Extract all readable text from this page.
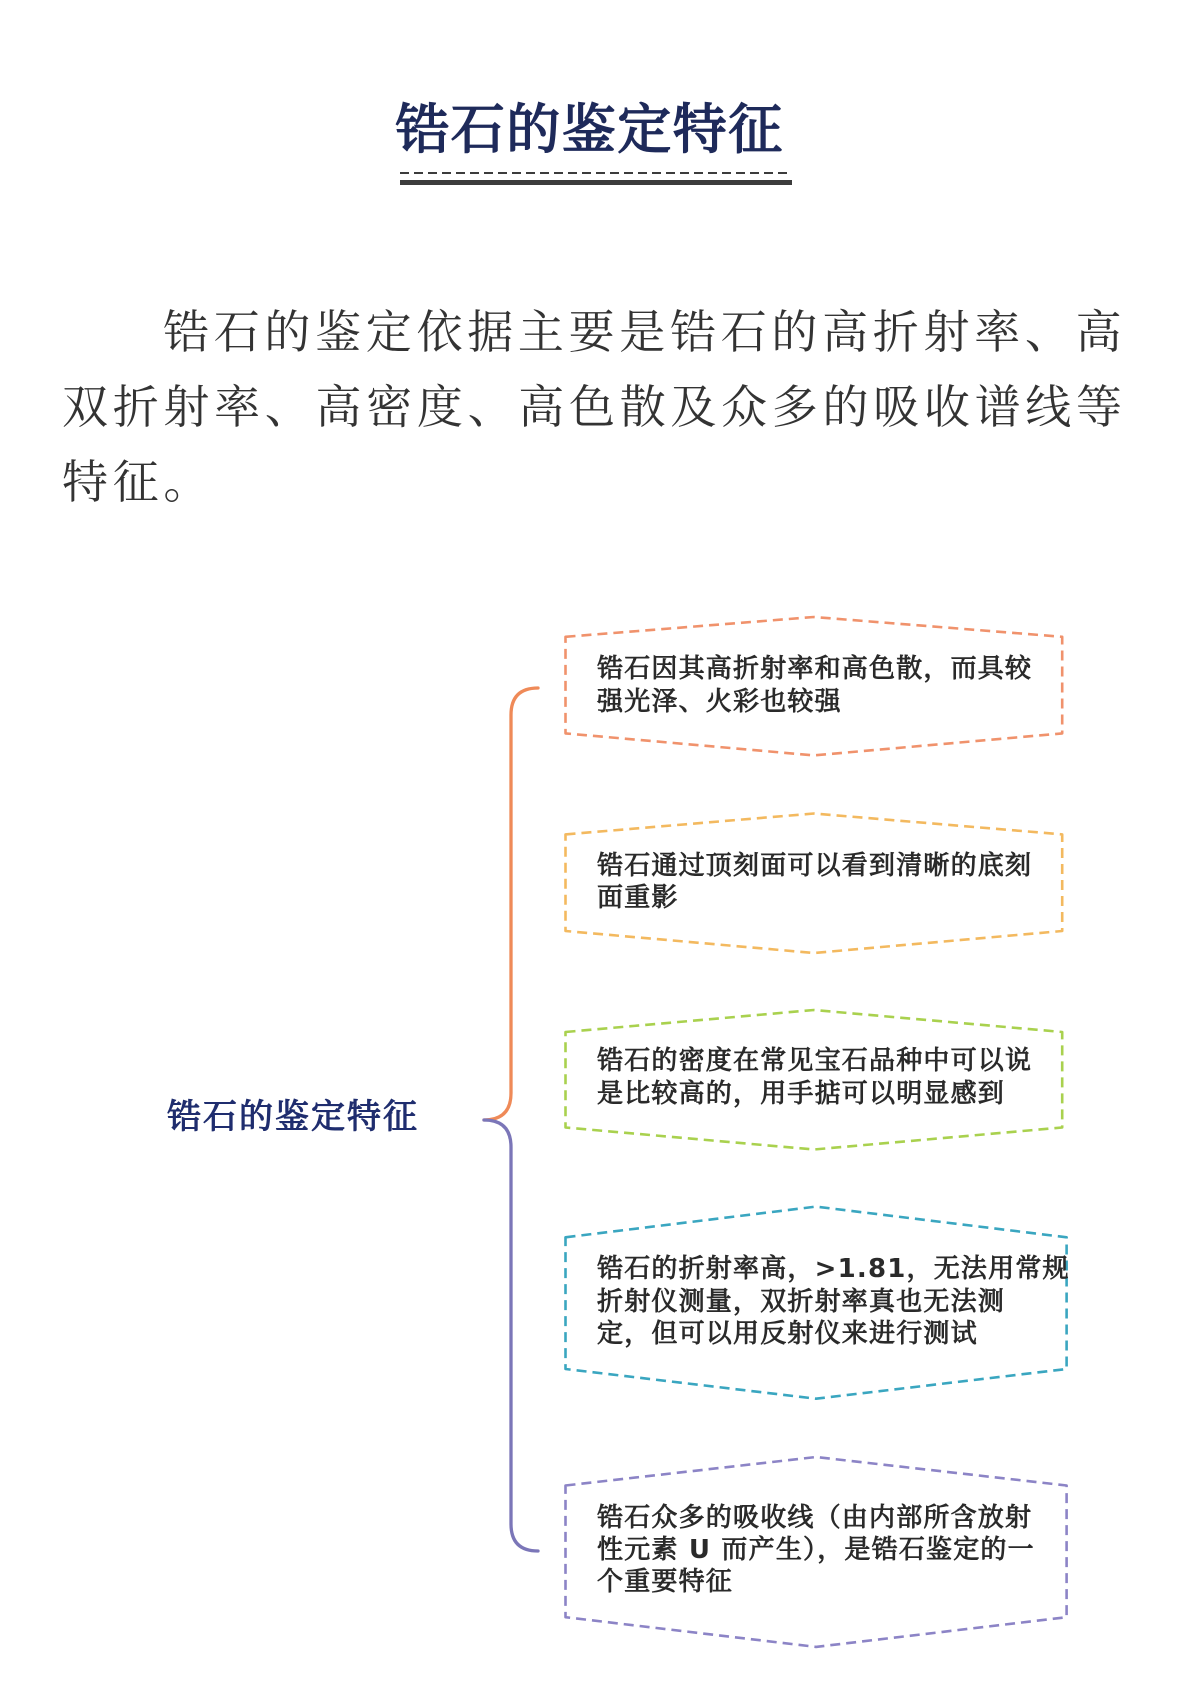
锆石的鉴定特征
锆石的鉴定依据主要是锆石的高折射率、高
双折射率、高密度、高色散及众多的吸收谱线等
特征。
锆石的鉴定特征
锆石因其高折射率和高色散，而具较
强光泽、火彩也较强
锆石通过顶刻面可以看到清晰的底刻
面重影
锆石的密度在常见宝石品种中可以说
是比较高的，用手掂可以明显感到
锆石的折射率高，>1.81，无法用常规
折射仪测量，双折射率真也无法测
定，但可以用反射仪来进行测试
锆石众多的吸收线（由内部所含放射
性元素 U 而产生），是锆石鉴定的一
个重要特征
